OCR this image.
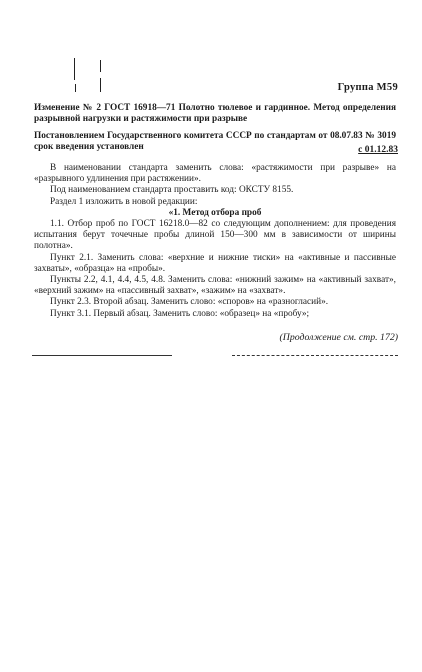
Группа М59
Изменение № 2 ГОСТ 16918—71 Полотно тюлевое и гардинное. Метод определения разрывной нагрузки и растяжимости при разрыве
Постановлением Государственного комитета СССР по стандартам от 08.07.83 № 3019 срок введения установлен	с 01.12.83

В наименовании стандарта заменить слова: «растяжимости при разрыве» на «разрывного удлинения при растяжении».

Под наименованием стандарта проставить код: ОКСТУ 8155.

Раздел 1 изложить в новой редакции:

«1. Метод отбора проб

1.1. Отбор проб по ГОСТ 16218.0—82 со следующим дополнением: для проведения испытания берут точечные пробы длиной 150—300 мм в зависимости от ширины полотна».

Пункт 2.1. Заменить слова: «верхние и нижние тиски» на «активные и пассивные захваты», «образца» на «пробы».

Пункты 2.2, 4.1, 4.4, 4.5, 4.8. Заменить слова: «нижний зажим» на «активный захват», «верхний зажим» на «пассивный захват», «зажим» на «захват».

Пункт 2.3. Второй абзац. Заменить слово: «споров» на «разногласий».

Пункт 3.1. Первый абзац. Заменить слово: «образец» на «пробу»;

(Продолжение см. стр. 172)
